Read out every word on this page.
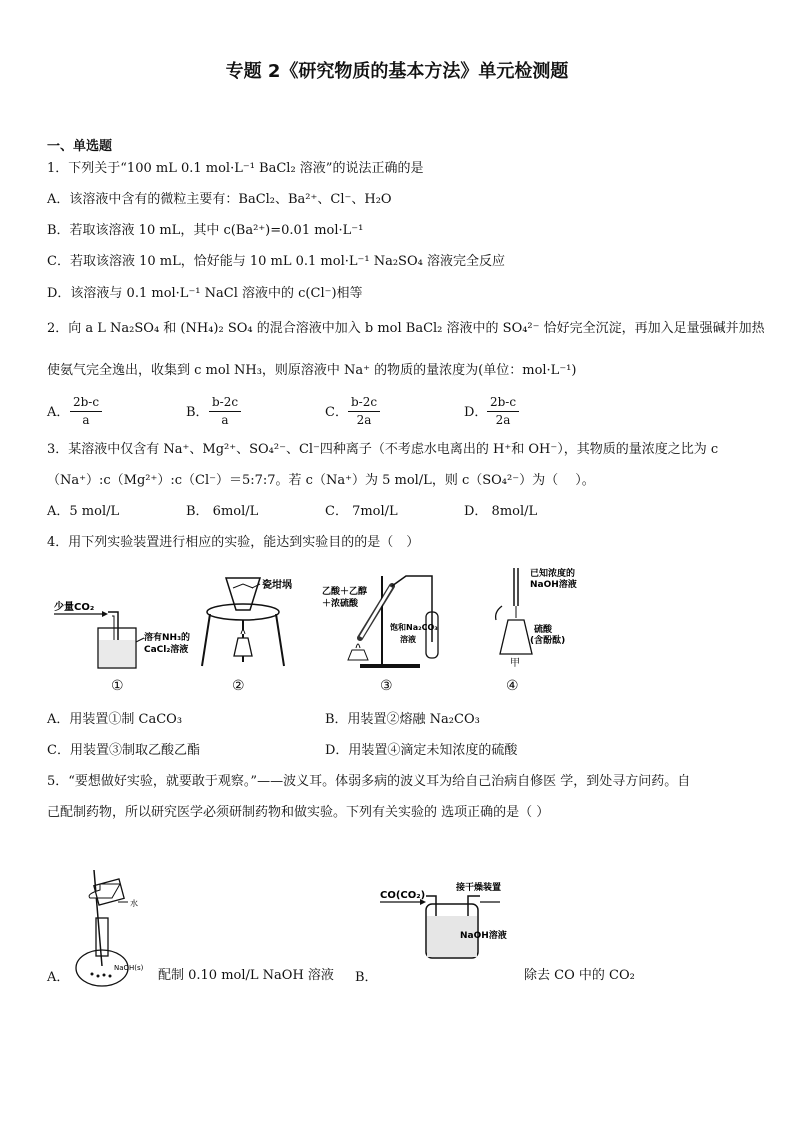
专题 2《研究物质的基本方法》单元检测题
一、单选题
1．下列关于“100 mL 0.1 mol·L⁻¹ BaCl₂ 溶液”的说法正确的是
A．该溶液中含有的微粒主要有：BaCl₂、Ba²⁺、Cl⁻、H₂O
B．若取该溶液 10 mL，其中 c(Ba²⁺)=0.01 mol·L⁻¹
C．若取该溶液 10 mL，恰好能与 10 mL 0.1 mol·L⁻¹ Na₂SO₄ 溶液完全反应
D．该溶液与 0.1 mol·L⁻¹ NaCl 溶液中的 c(Cl⁻)相等
2．向 a L Na₂SO₄ 和 (NH₄)₂ SO₄ 的混合溶液中加入 b mol BaCl₂ 溶液中的 SO₄²⁻ 恰好完全沉淀，再加入足量强碱并加热
使氨气完全逸出，收集到 c mol NH₃，则原溶液中 Na⁺ 的物质的量浓度为(单位：mol·L⁻¹)
A． $\frac{2b-c}{a}$	B． $\frac{b-2c}{a}$	C． $\frac{b-2c}{2a}$	D． $\frac{2b-c}{2a}$
3．某溶液中仅含有 Na⁺、Mg²⁺、SO₄²⁻、Cl⁻四种离子（不考虑水电离出的 H⁺和 OH⁻），其物质的量浓度之比为 c
（Na⁺）:c（Mg²⁺）:c（Cl⁻）＝5:7:7。若 c（Na⁺）为 5 mol/L，则 c（SO₄²⁻）为（　 ）。
A．5 mol/L	B． 6mol/L	C． 7mol/L	D． 8mol/L
4．用下列实验装置进行相应的实验，能达到实验目的的是（　）
少量CO₂
溶有NH₃的
CaCl₂溶液
瓷坩埚
乙酸＋乙醇
＋浓硫酸
饱和Na₂CO₃
溶液
已知浓度的
NaOH溶液
硫酸
(含酚酞)
甲
①	②	③	④
A．用装置①制 CaCO₃	B．用装置②熔融 Na₂CO₃
C．用装置③制取乙酸乙酯	D．用装置④滴定未知浓度的硫酸
5．“要想做好实验，就要敢于观察。”——波义耳。体弱多病的波义耳为给自己治病自修医 学，到处寻方问药。自
己配制药物，所以研究医学必须研制药物和做实验。下列有关实验的 选项正确的是（ ）
水
NaOH(s)
A．	配制 0.10 mol/L NaOH 溶液
CO(CO₂)
接干燥装置
NaOH溶液
B．	除去 CO 中的 CO₂
